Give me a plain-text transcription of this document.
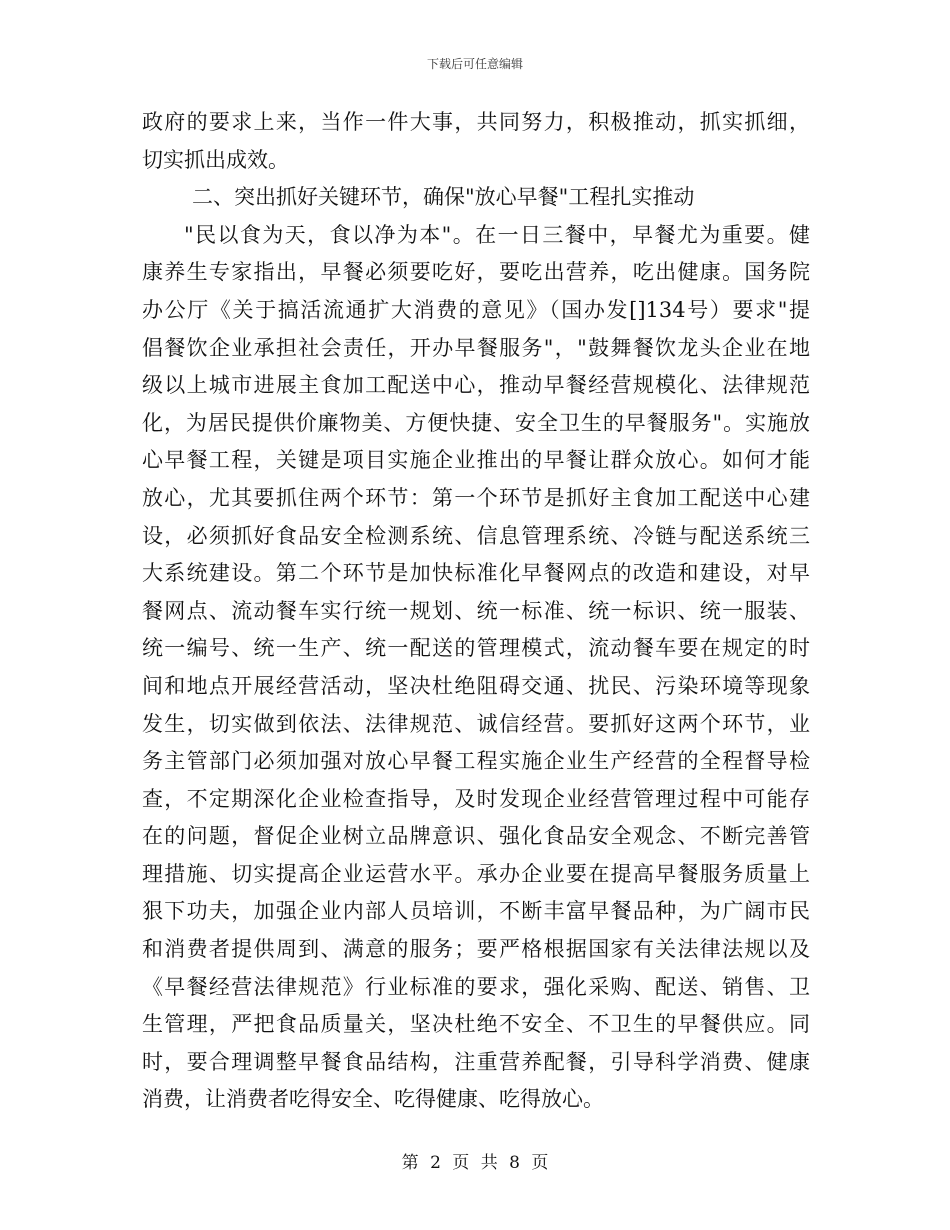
下载后可任意编辑
政府的要求上来，当作一件大事，共同努力，积极推动，抓实抓细，
切实抓出成效。
二、突出抓好关键环节，确保"放心早餐"工程扎实推动
"民以食为天，食以净为本"。在一日三餐中，早餐尤为重要。健
康养生专家指出，早餐必须要吃好，要吃出营养，吃出健康。国务院
办公厅《关于搞活流通扩大消费的意见》（国办发[]134号）要求"提
倡餐饮企业承担社会责任，开办早餐服务"，"鼓舞餐饮龙头企业在地
级以上城市进展主食加工配送中心，推动早餐经营规模化、法律规范
化，为居民提供价廉物美、方便快捷、安全卫生的早餐服务"。实施放
心早餐工程，关键是项目实施企业推出的早餐让群众放心。如何才能
放心，尤其要抓住两个环节：第一个环节是抓好主食加工配送中心建
设，必须抓好食品安全检测系统、信息管理系统、冷链与配送系统三
大系统建设。第二个环节是加快标准化早餐网点的改造和建设，对早
餐网点、流动餐车实行统一规划、统一标准、统一标识、统一服装、
统一编号、统一生产、统一配送的管理模式，流动餐车要在规定的时
间和地点开展经营活动，坚决杜绝阻碍交通、扰民、污染环境等现象
发生，切实做到依法、法律规范、诚信经营。要抓好这两个环节，业
务主管部门必须加强对放心早餐工程实施企业生产经营的全程督导检
查，不定期深化企业检查指导，及时发现企业经营管理过程中可能存
在的问题，督促企业树立品牌意识、强化食品安全观念、不断完善管
理措施、切实提高企业运营水平。承办企业要在提高早餐服务质量上
狠下功夫，加强企业内部人员培训，不断丰富早餐品种，为广阔市民
和消费者提供周到、满意的服务；要严格根据国家有关法律法规以及
《早餐经营法律规范》行业标准的要求，强化采购、配送、销售、卫
生管理，严把食品质量关，坚决杜绝不安全、不卫生的早餐供应。同
时，要合理调整早餐食品结构，注重营养配餐，引导科学消费、健康
消费，让消费者吃得安全、吃得健康、吃得放心。
第 2 页 共 8 页
